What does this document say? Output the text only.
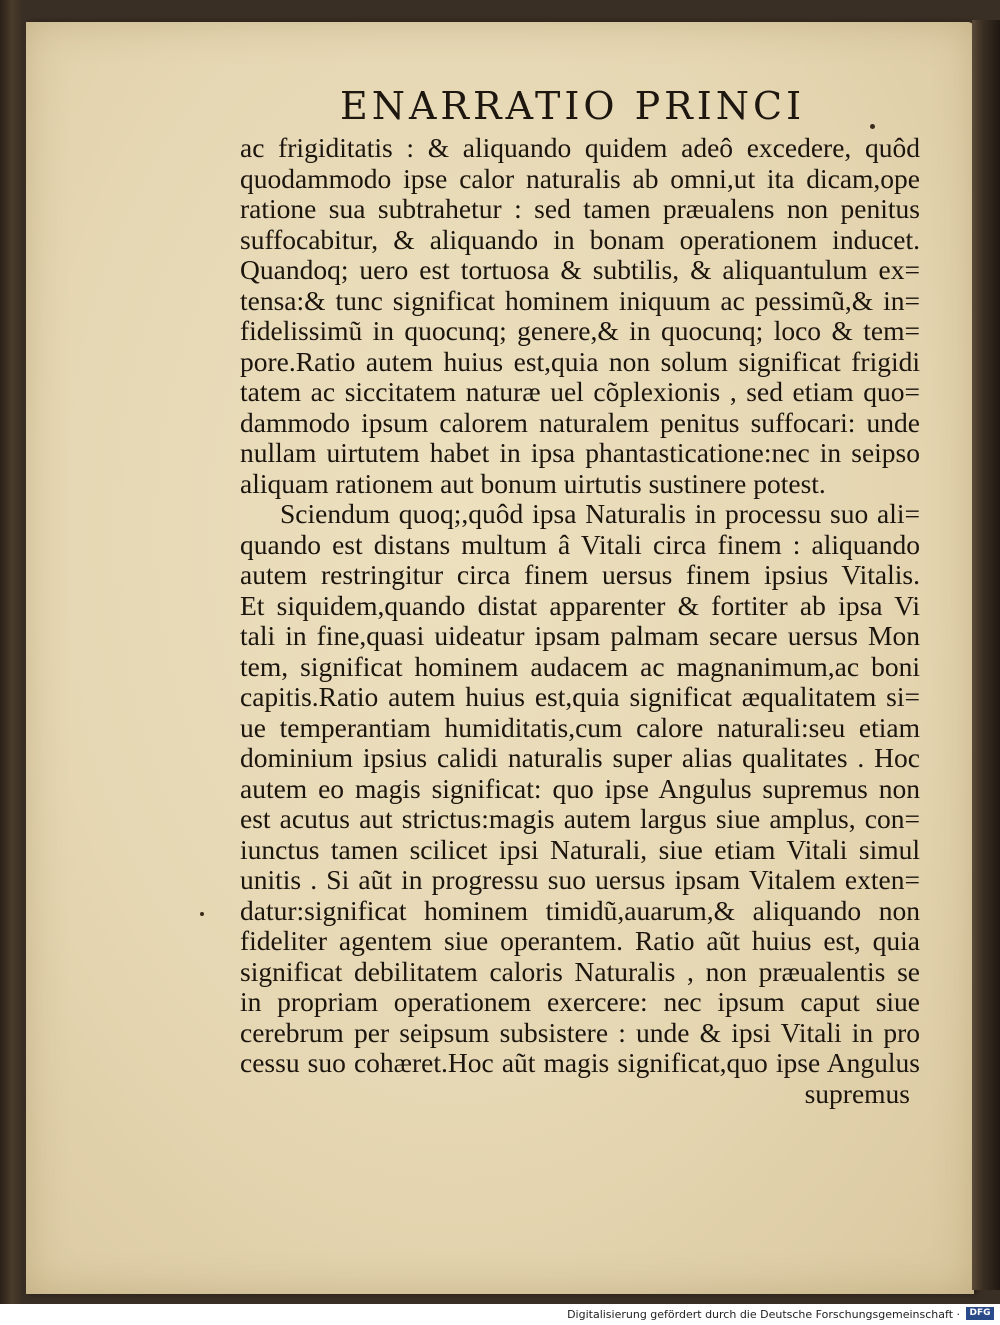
ENARRATIO PRINCI
ac frigiditatis : & aliquando quidem adeô excedere, quôd
quodammodo ipse calor naturalis ab omni,ut ita dicam,ope
ratione sua subtrahetur : sed tamen præualens non penitus
suffocabitur, & aliquando in bonam operationem inducet.
Quandoq; uero est tortuosa & subtilis, & aliquantulum ex=
tensa:& tunc significat hominem iniquum ac pessimũ,& in=
fidelissimũ in quocunq; genere,& in quocunq; loco & tem=
pore.Ratio autem huius est,quia non solum significat frigidi
tatem ac siccitatem naturæ uel cõplexionis , sed etiam quo=
dammodo ipsum calorem naturalem penitus suffocari: unde
nullam uirtutem habet in ipsa phantasticatione:nec in seipso
aliquam rationem aut bonum uirtutis sustinere potest.
Sciendum quoq;,quôd ipsa Naturalis in processu suo ali=
quando est distans multum â Vitali circa finem : aliquando
autem restringitur circa finem uersus finem ipsius Vitalis.
Et siquidem,quando distat apparenter & fortiter ab ipsa Vi
tali in fine,quasi uideatur ipsam palmam secare uersus Mon
tem, significat hominem audacem ac magnanimum,ac boni
capitis.Ratio autem huius est,quia significat æqualitatem si=
ue temperantiam humiditatis,cum calore naturali:seu etiam
dominium ipsius calidi naturalis super alias qualitates . Hoc
autem eo magis significat: quo ipse Angulus supremus non
est acutus aut strictus:magis autem largus siue amplus, con=
iunctus tamen scilicet ipsi Naturali, siue etiam Vitali simul
unitis . Si aũt in progressu suo uersus ipsam Vitalem exten=
datur:significat hominem timidũ,auarum,& aliquando non
fideliter agentem siue operantem. Ratio aũt huius est, quia
significat debilitatem caloris Naturalis , non præualentis se
in propriam operationem exercere: nec ipsum caput siue
cerebrum per seipsum subsistere : unde & ipsi Vitali in pro
cessu suo cohæret.Hoc aũt magis significat,quo ipse Angulus
supremus
Digitalisierung gefördert durch die Deutsche Forschungsgemeinschaft ·	DFG
